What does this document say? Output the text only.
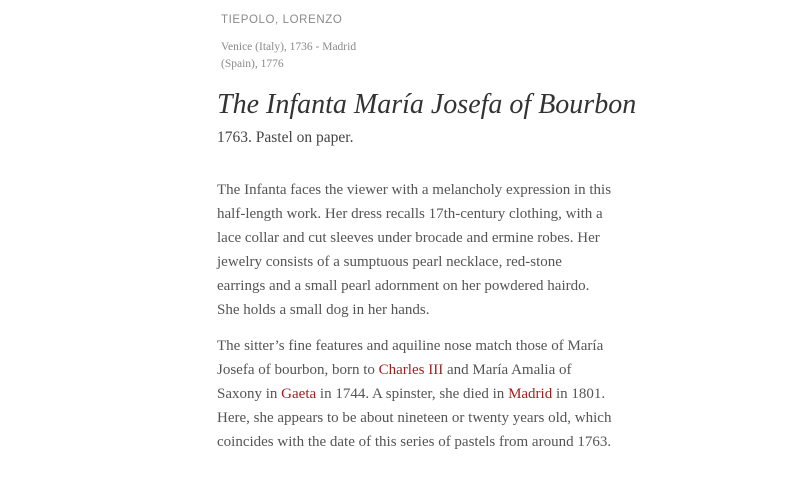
TIEPOLO, LORENZO
Venice (Italy), 1736 - Madrid
(Spain), 1776
The Infanta María Josefa of Bourbon
1763. Pastel on paper.

The Infanta faces the viewer with a melancholy expression in this half-length work. Her dress recalls 17th-century clothing, with a lace collar and cut sleeves under brocade and ermine robes. Her jewelry consists of a sumptuous pearl necklace, red-stone earrings and a small pearl adornment on her powdered hairdo. She holds a small dog in her hands.

The sitter’s fine features and aquiline nose match those of María Josefa of bourbon, born to Charles III and María Amalia of Saxony in Gaeta in 1744. A spinster, she died in Madrid in 1801. Here, she appears to be about nineteen or twenty years old, which coincides with the date of this series of pastels from around 1763.
